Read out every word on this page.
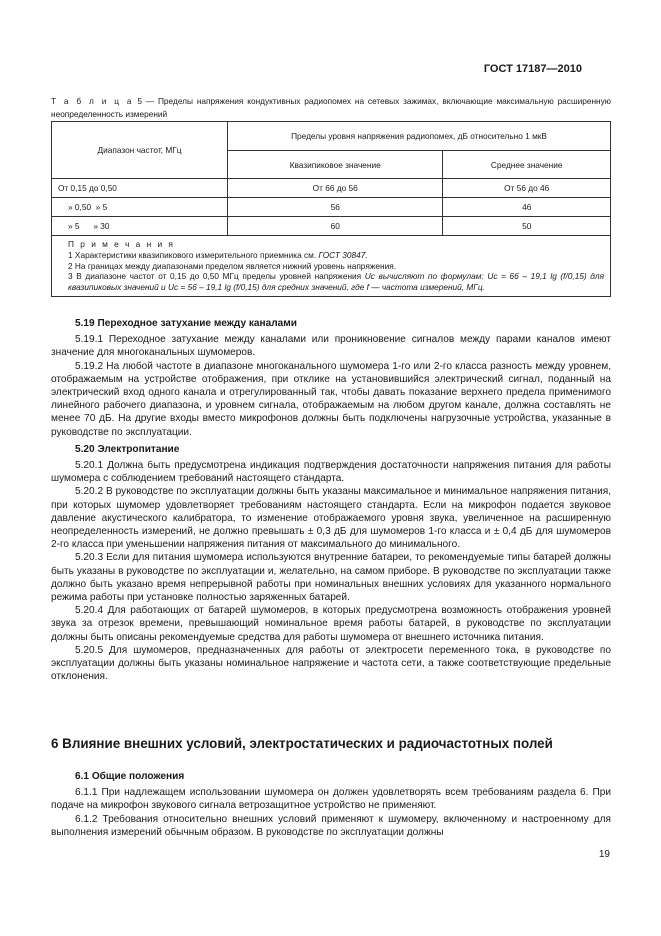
ГОСТ 17187—2010
Т а б л и ц а 5 — Пределы напряжения кондуктивных радиопомех на сетевых зажимах, включающие максимальную расширенную неопределенность измерений
Диапазон частот, МГц	Пределы уровня напряжения радиопомех, дБ относительно 1 мкВ	
	Квазипиковое значение	Среднее значение
От 0,15 до 0,50	От 66 до 56	От 56 до 46
» 0,50  » 5	56	46
» 5      » 30	60	50

П р и м е ч а н и я
1 Характеристики квазипикового измерительного приемника см. ГОСТ 30847.
2 На границах между диапазонами пределом является нижний уровень напряжения.
3 В диапазоне частот от 0,15 до 0,50 МГц пределы уровней напряжения Uc вычисляют по формулам: Uc = 66 – 19,1 lg (f/0,15) для квазипиковых значений и Uc = 56 – 19,1 lg (f/0,15) для средних значений, где f — частота измерений, МГц.		
5.19 Переходное затухание между каналами

5.19.1 Переходное затухание между каналами или проникновение сигналов между парами каналов имеют значение для многоканальных шумомеров.

5.19.2 На любой частоте в диапазоне многоканального шумомера 1-го или 2-го класса разность между уровнем, отображаемым на устройстве отображения, при отклике на установившийся электрический сигнал, поданный на электрический вход одного канала и отрегулированный так, чтобы давать показание верхнего предела применимого линейного рабочего диапазона, и уровнем сигнала, отображаемым на любом другом канале, должна составлять не менее 70 дБ. На другие входы вместо микрофонов должны быть подключены нагрузочные устройства, указанные в руководстве по эксплуатации.

5.20 Электропитание

5.20.1 Должна быть предусмотрена индикация подтверждения достаточности напряжения питания для работы шумомера с соблюдением требований настоящего стандарта.

5.20.2 В руководстве по эксплуатации должны быть указаны максимальное и минимальное напряжения питания, при которых шумомер удовлетворяет требованиям настоящего стандарта. Если на микрофон подается звуковое давление акустического калибратора, то изменение отображаемого уровня звука, увеличенное на расширенную неопределенность измерений, не должно превышать ± 0,3 дБ для шумомеров 1-го класса и ± 0,4 дБ для шумомеров 2-го класса при уменьшении напряжения питания от максимального до минимального.

5.20.3 Если для питания шумомера используются внутренние батареи, то рекомендуемые типы батарей должны быть указаны в руководстве по эксплуатации и, желательно, на самом приборе. В руководстве по эксплуатации также должно быть указано время непрерывной работы при номинальных внешних условиях для указанного нормального режима работы при установке полностью заряженных батарей.

5.20.4 Для работающих от батарей шумомеров, в которых предусмотрена возможность отображения уровней звука за отрезок времени, превышающий номинальное время работы батарей, в руководстве по эксплуатации должны быть описаны рекомендуемые средства для работы шумомера от внешнего источника питания.

5.20.5 Для шумомеров, предназначенных для работы от электросети переменного тока, в руководстве по эксплуатации должны быть указаны номинальное напряжение и частота сети, а также соответствующие предельные отклонения.

6 Влияние внешних условий, электростатических и радиочастотных полей
6.1 Общие положения

6.1.1 При надлежащем использовании шумомера он должен удовлетворять всем требованиям раздела 6. При подаче на микрофон звукового сигнала ветрозащитное устройство не применяют.

6.1.2 Требования относительно внешних условий применяют к шумомеру, включенному и настроенному для выполнения измерений обычным образом. В руководстве по эксплуатации должны

19
